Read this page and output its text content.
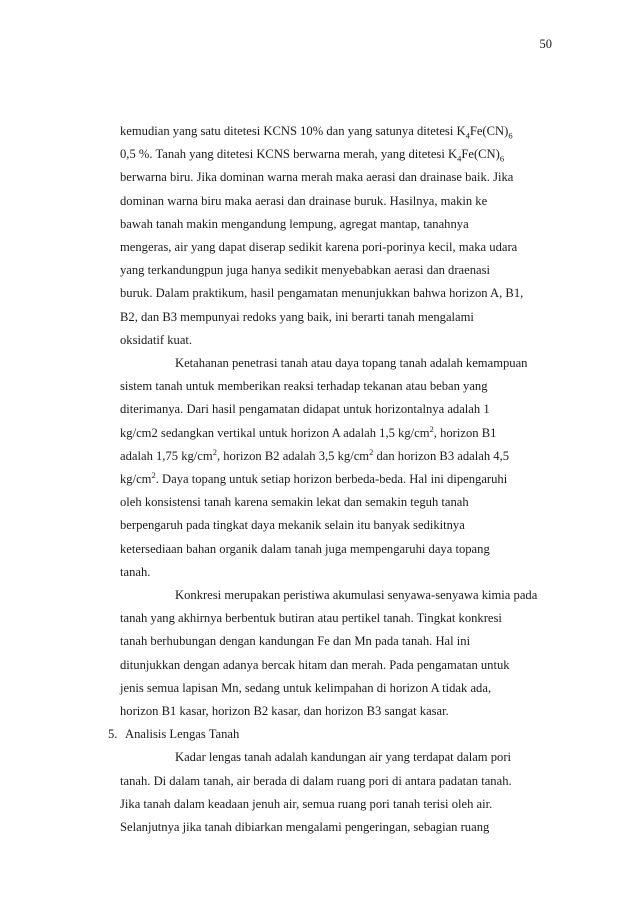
50

kemudian yang satu ditetesi KCNS 10% dan yang satunya ditetesi $K_4Fe(CN)_6$

0,5 %. Tanah yang ditetesi KCNS berwarna merah, yang ditetesi $K_4Fe(CN)_6$

berwarna biru. Jika dominan warna merah maka aerasi dan drainase baik. Jika

dominan warna biru maka aerasi dan drainase buruk. Hasilnya, makin ke

bawah tanah makin mengandung lempung, agregat mantap, tanahnya

mengeras, air yang dapat diserap sedikit karena pori-porinya kecil, maka udara

yang terkandungpun juga hanya sedikit menyebabkan aerasi dan draenasi

buruk. Dalam praktikum, hasil pengamatan menunjukkan bahwa horizon A, B1,

B2, dan B3 mempunyai redoks yang baik, ini berarti tanah mengalami

oksidatif kuat.

Ketahanan penetrasi tanah atau daya topang tanah adalah kemampuan

sistem tanah untuk memberikan reaksi terhadap tekanan atau beban yang

diterimanya. Dari hasil pengamatan didapat untuk horizontalnya adalah 1

kg/cm2 sedangkan vertikal untuk horizon A adalah 1,5 $kg/cm^2$, horizon B1

adalah 1,75 $kg/cm^2$, horizon B2 adalah 3,5 $kg/cm^2$ dan horizon B3 adalah 4,5

$kg/cm^2$. Daya topang untuk setiap horizon berbeda-beda. Hal ini dipengaruhi

oleh konsistensi tanah karena semakin lekat dan semakin teguh tanah

berpengaruh pada tingkat daya mekanik selain itu banyak sedikitnya

ketersediaan bahan organik dalam tanah juga mempengaruhi daya topang

tanah.

Konkresi merupakan peristiwa akumulasi senyawa-senyawa kimia pada

tanah yang akhirnya berbentuk butiran atau pertikel tanah. Tingkat konkresi

tanah berhubungan dengan kandungan Fe dan Mn pada tanah. Hal ini

ditunjukkan dengan adanya bercak hitam dan merah. Pada pengamatan untuk

jenis semua lapisan Mn, sedang untuk kelimpahan di horizon A tidak ada,

horizon B1 kasar, horizon B2 kasar, dan horizon B3 sangat kasar.

5. Analisis Lengas Tanah

Kadar lengas tanah adalah kandungan air yang terdapat dalam pori

tanah. Di dalam tanah, air berada di dalam ruang pori di antara padatan tanah.

Jika tanah dalam keadaan jenuh air, semua ruang pori tanah terisi oleh air.

Selanjutnya jika tanah dibiarkan mengalami pengeringan, sebagian ruang
